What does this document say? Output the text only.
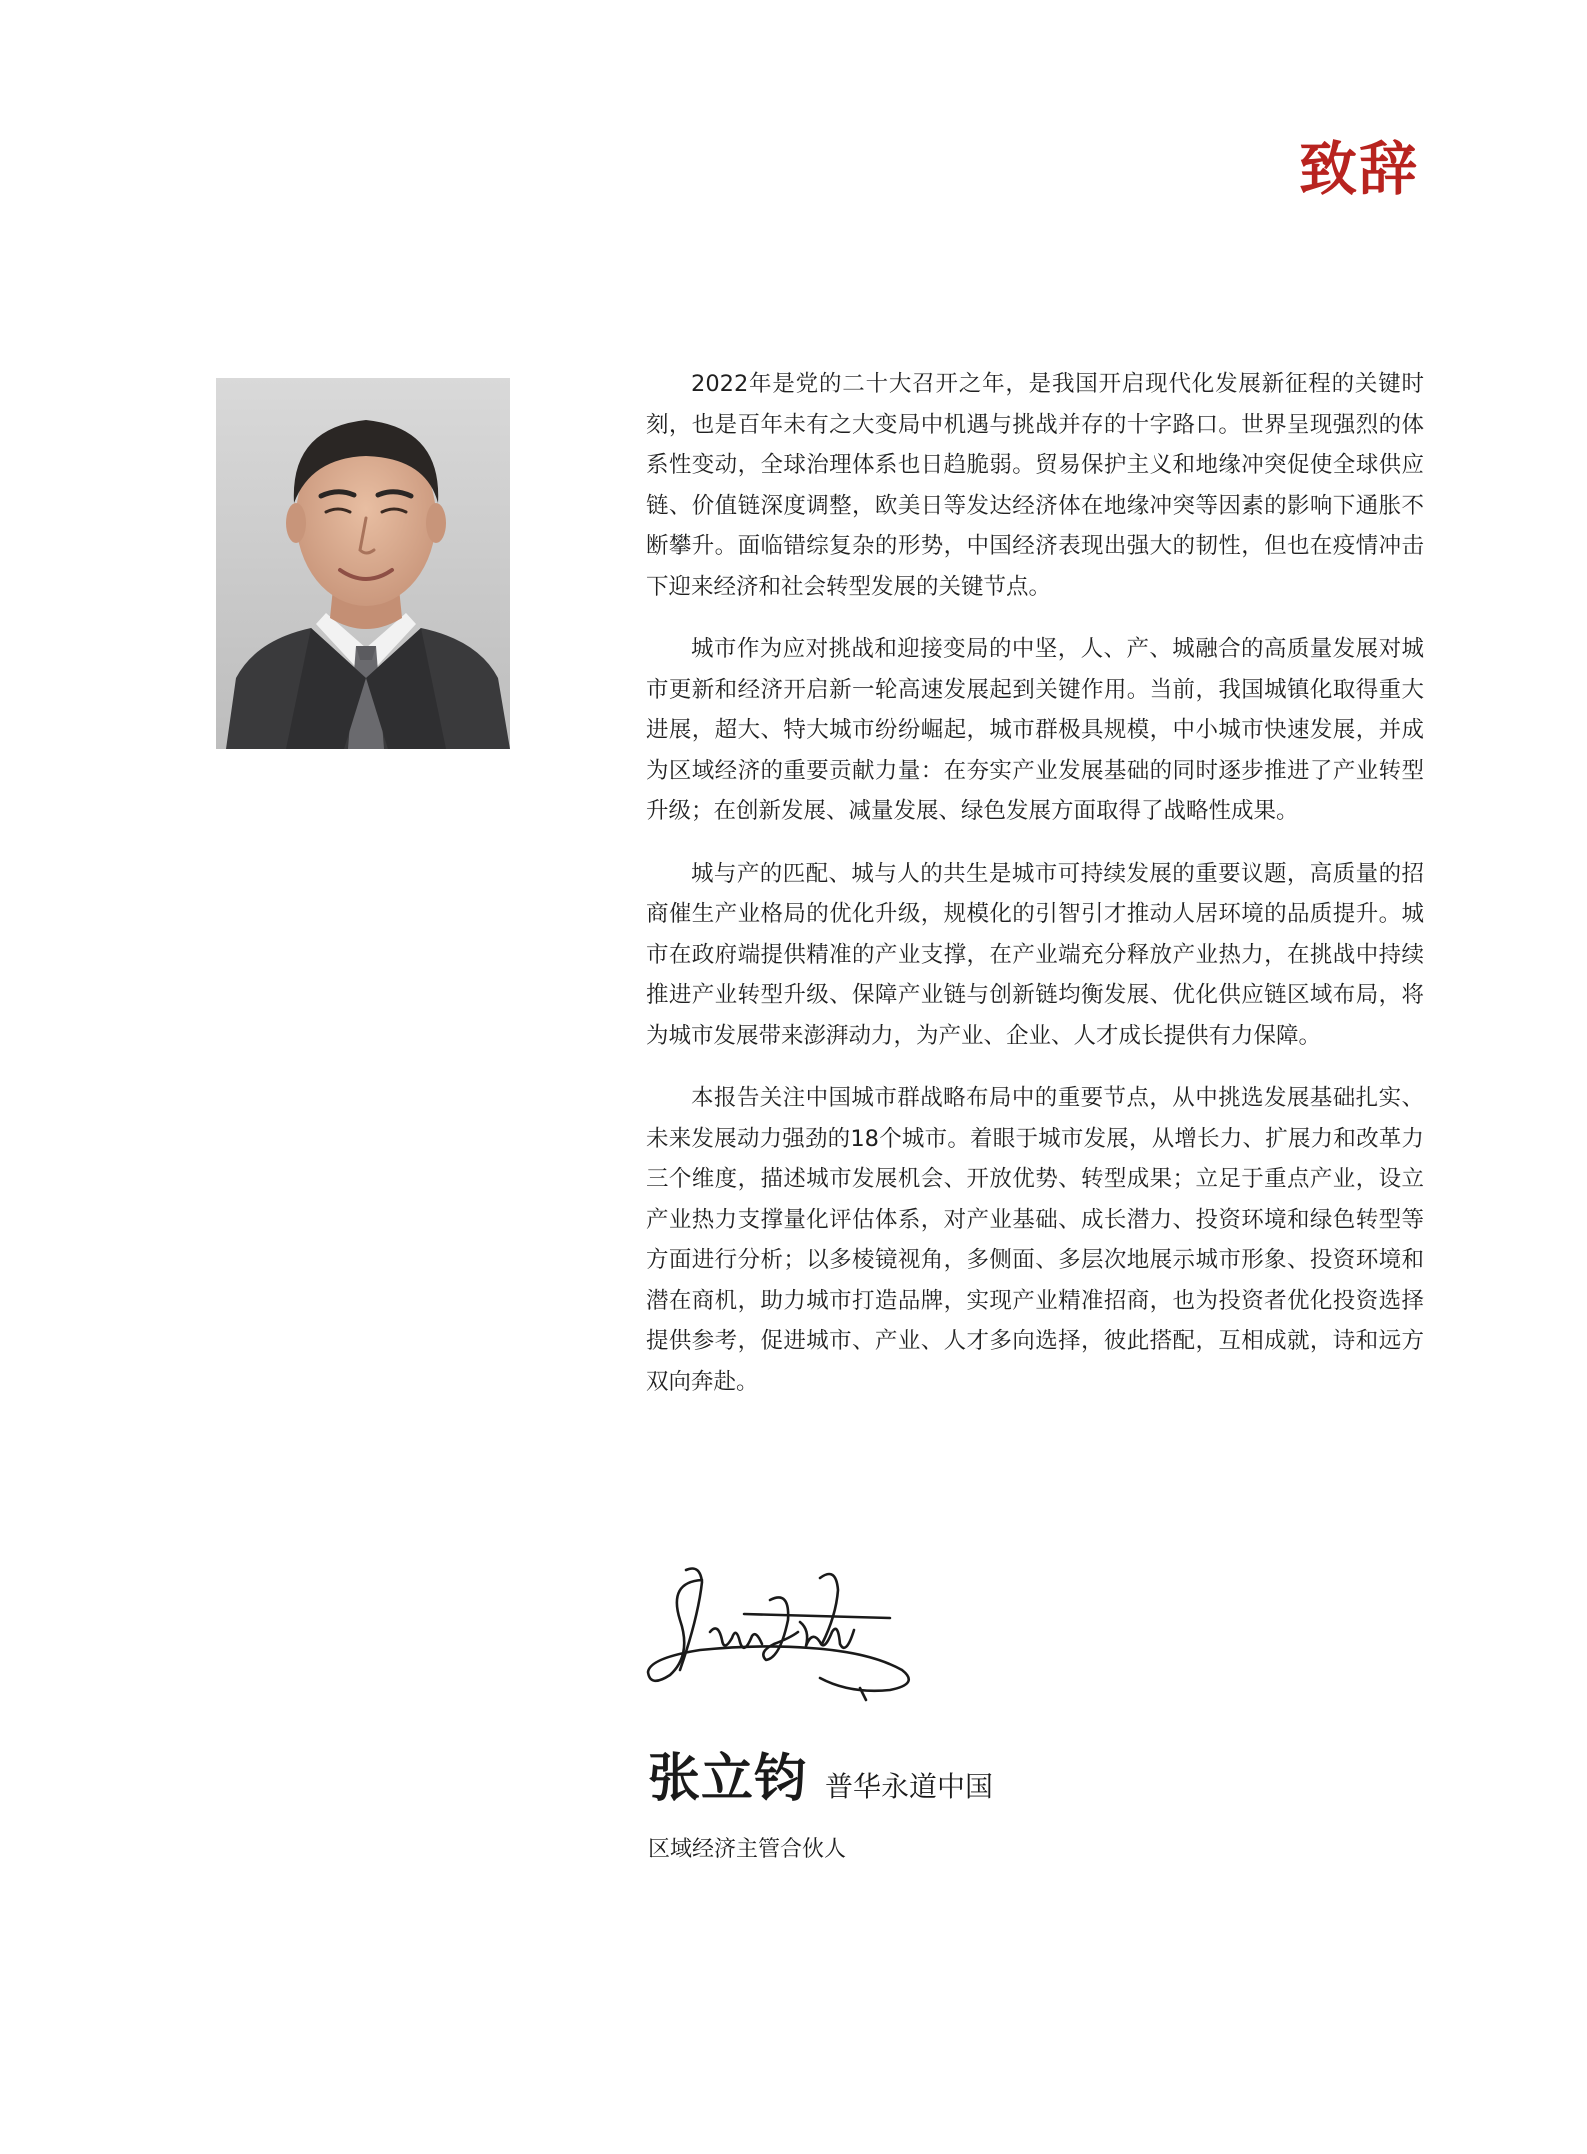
致辞

2022年是党的二十大召开之年，是我国开启现代化发展新征程的关键时刻，也是百年未有之大变局中机遇与挑战并存的十字路口。世界呈现强烈的体系性变动，全球治理体系也日趋脆弱。贸易保护主义和地缘冲突促使全球供应链、价值链深度调整，欧美日等发达经济体在地缘冲突等因素的影响下通胀不断攀升。面临错综复杂的形势，中国经济表现出强大的韧性，但也在疫情冲击下迎来经济和社会转型发展的关键节点。

城市作为应对挑战和迎接变局的中坚，人、产、城融合的高质量发展对城市更新和经济开启新一轮高速发展起到关键作用。当前，我国城镇化取得重大进展，超大、特大城市纷纷崛起，城市群极具规模，中小城市快速发展，并成为区域经济的重要贡献力量：在夯实产业发展基础的同时逐步推进了产业转型升级；在创新发展、减量发展、绿色发展方面取得了战略性成果。

城与产的匹配、城与人的共生是城市可持续发展的重要议题，高质量的招商催生产业格局的优化升级，规模化的引智引才推动人居环境的品质提升。城市在政府端提供精准的产业支撑，在产业端充分释放产业热力，在挑战中持续推进产业转型升级、保障产业链与创新链均衡发展、优化供应链区域布局，将为城市发展带来澎湃动力，为产业、企业、人才成长提供有力保障。

本报告关注中国城市群战略布局中的重要节点，从中挑选发展基础扎实、未来发展动力强劲的18个城市。着眼于城市发展，从增长力、扩展力和改革力三个维度，描述城市发展机会、开放优势、转型成果；立足于重点产业，设立产业热力支撑量化评估体系，对产业基础、成长潜力、投资环境和绿色转型等方面进行分析；以多棱镜视角，多侧面、多层次地展示城市形象、投资环境和潜在商机，助力城市打造品牌，实现产业精准招商，也为投资者优化投资选择提供参考，促进城市、产业、人才多向选择，彼此搭配，互相成就，诗和远方双向奔赴。

张立钧 普华永道中国
区域经济主管合伙人
